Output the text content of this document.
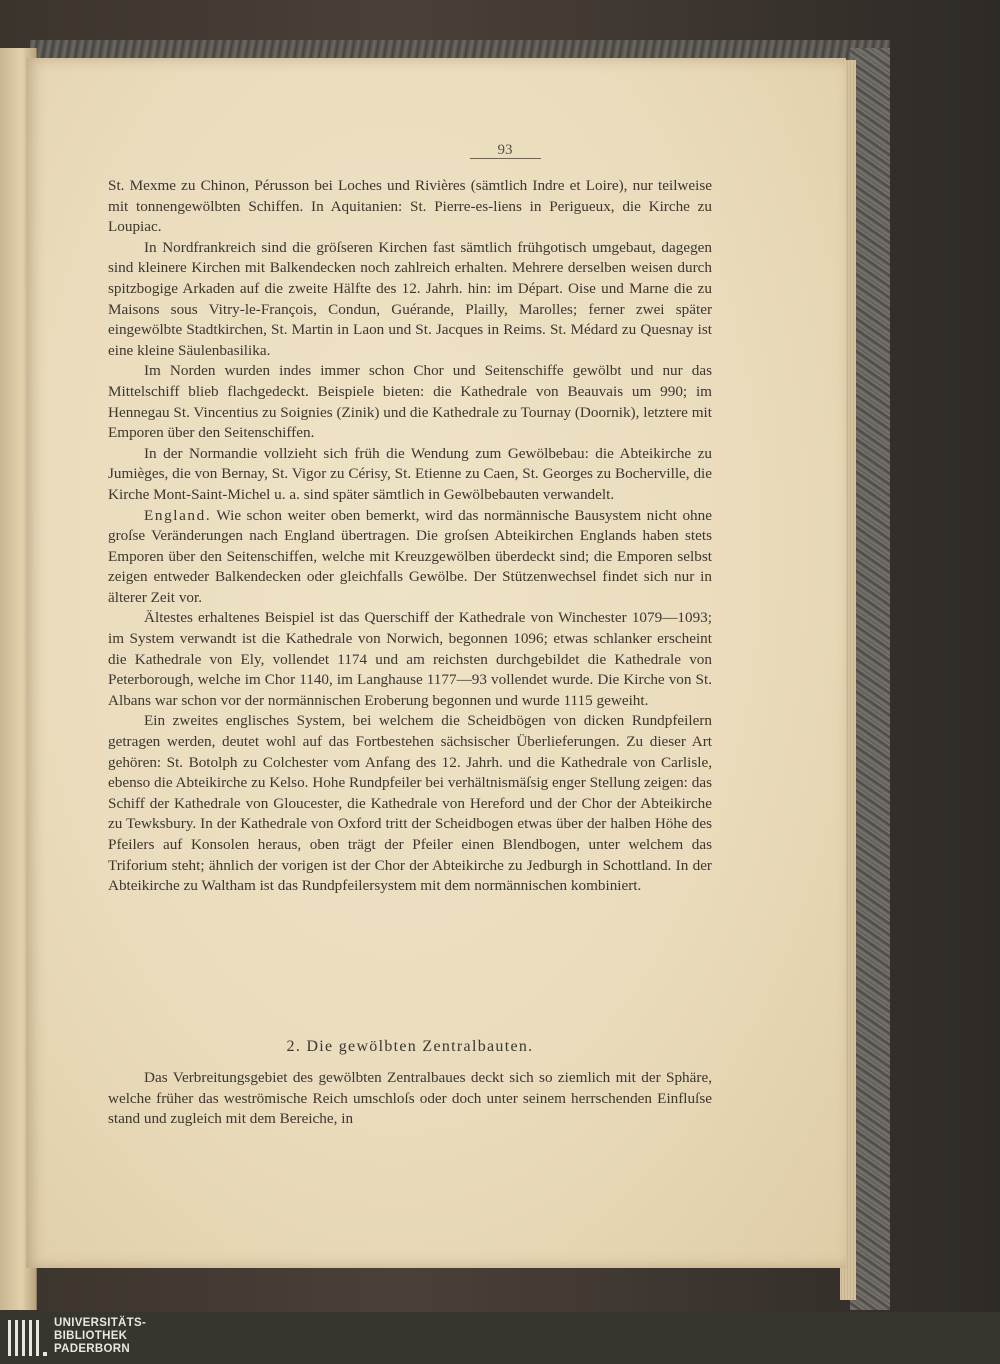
93

St. Mexme zu Chinon, Pérusson bei Loches und Rivières (sämtlich Indre et Loire), nur teilweise mit tonnengewölbten Schiffen. In Aquitanien: St. Pierre-es-liens in Perigueux, die Kirche zu Loupiac.

In Nordfrankreich sind die gröſseren Kirchen fast sämtlich frühgotisch umgebaut, dagegen sind kleinere Kirchen mit Balkendecken noch zahlreich erhalten. Mehrere derselben weisen durch spitzbogige Arkaden auf die zweite Hälfte des 12. Jahrh. hin: im Départ. Oise und Marne die zu Maisons sous Vitry-le-François, Condun, Guérande, Plailly, Marolles; ferner zwei später eingewölbte Stadtkirchen, St. Martin in Laon und St. Jacques in Reims. St. Médard zu Quesnay ist eine kleine Säulenbasilika.

Im Norden wurden indes immer schon Chor und Seitenschiffe gewölbt und nur das Mittelschiff blieb flachgedeckt. Beispiele bieten: die Kathedrale von Beauvais um 990; im Hennegau St. Vincentius zu Soignies (Zinik) und die Kathedrale zu Tournay (Doornik), letztere mit Emporen über den Seitenschiffen.

In der Normandie vollzieht sich früh die Wendung zum Gewölbebau: die Abteikirche zu Jumièges, die von Bernay, St. Vigor zu Cérisy, St. Etienne zu Caen, St. Georges zu Bocherville, die Kirche Mont-Saint-Michel u. a. sind später sämtlich in Gewölbebauten verwandelt.

England. Wie schon weiter oben bemerkt, wird das normännische Bausystem nicht ohne groſse Veränderungen nach England übertragen. Die groſsen Abteikirchen Englands haben stets Emporen über den Seitenschiffen, welche mit Kreuzgewölben überdeckt sind; die Emporen selbst zeigen entweder Balkendecken oder gleichfalls Gewölbe. Der Stützenwechsel findet sich nur in älterer Zeit vor.

Ältestes erhaltenes Beispiel ist das Querschiff der Kathedrale von Winchester 1079—1093; im System verwandt ist die Kathedrale von Norwich, begonnen 1096; etwas schlanker erscheint die Kathedrale von Ely, vollendet 1174 und am reichsten durchgebildet die Kathedrale von Peterborough, welche im Chor 1140, im Langhause 1177—93 vollendet wurde. Die Kirche von St. Albans war schon vor der normännischen Eroberung begonnen und wurde 1115 geweiht.

Ein zweites englisches System, bei welchem die Scheidbögen von dicken Rundpfeilern getragen werden, deutet wohl auf das Fortbestehen sächsischer Überlieferungen. Zu dieser Art gehören: St. Botolph zu Colchester vom Anfang des 12. Jahrh. und die Kathedrale von Carlisle, ebenso die Abteikirche zu Kelso. Hohe Rundpfeiler bei verhältnismäſsig enger Stellung zeigen: das Schiff der Kathedrale von Gloucester, die Kathedrale von Hereford und der Chor der Abteikirche zu Tewksbury. In der Kathedrale von Oxford tritt der Scheidbogen etwas über der halben Höhe des Pfeilers auf Konsolen heraus, oben trägt der Pfeiler einen Blendbogen, unter welchem das Triforium steht; ähnlich der vorigen ist der Chor der Abteikirche zu Jedburgh in Schottland. In der Abteikirche zu Waltham ist das Rundpfeilersystem mit dem normännischen kombiniert.

2. Die gewölbten Zentralbauten.

Das Verbreitungsgebiet des gewölbten Zentralbaues deckt sich so ziemlich mit der Sphäre, welche früher das weströmische Reich umschloſs oder doch unter seinem herrschenden Einfluſse stand und zugleich mit dem Bereiche, in

UNIVERSITÄTS-
BIBLIOTHEK
PADERBORN
